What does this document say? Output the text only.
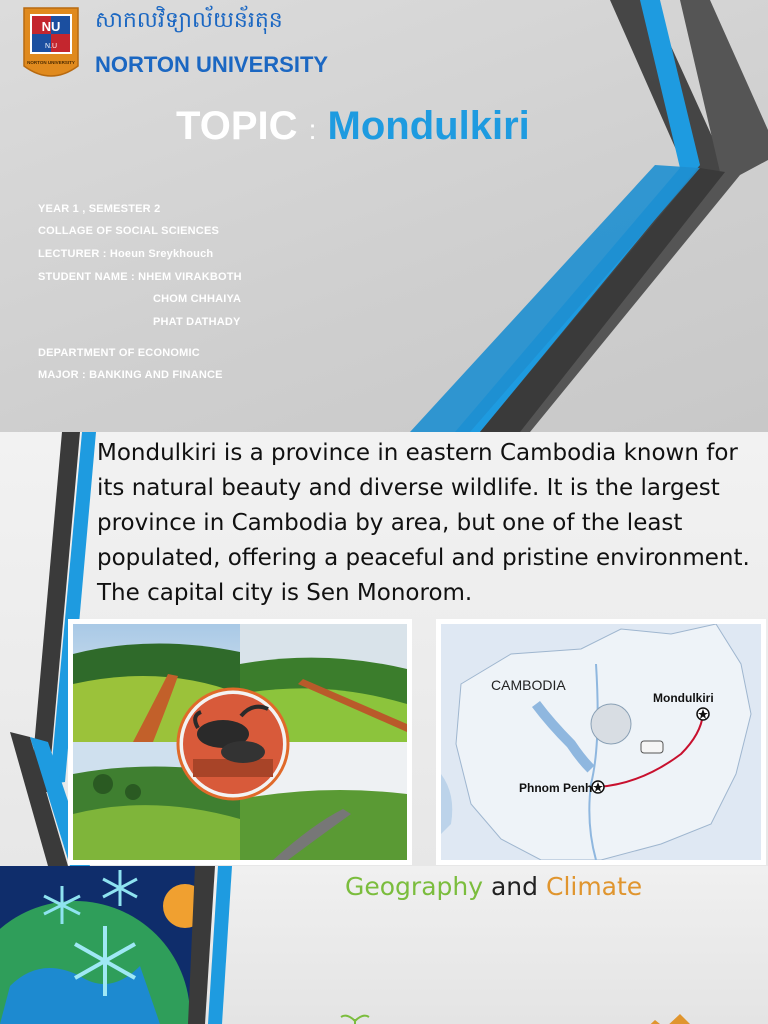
NU
N.U
NORTON UNIVERSITY
សាកលវិទ្យាល័យន័រតុន
NORTON UNIVERSITY
TOPIC : Mondulkiri
YEAR 1 , SEMESTER 2
COLLAGE OF SOCIAL SCIENCES
LECTURER : Hoeun Sreykhouch
STUDENT NAME : NHEM VIRAKBOTH
CHOM CHHAIYA
PHAT DATHADY
DEPARTMENT OF ECONOMIC
MAJOR : BANKING AND FINANCE
Mondulkiri is a province in eastern Cambodia known for its natural beauty and diverse wildlife. It is the largest province in Cambodia by area, but one of the least populated, offering a peaceful and pristine environment. The capital city is Sen Monorom.
CAMBODIA
Mondulkiri
Phnom Penh
Geography and Climate
